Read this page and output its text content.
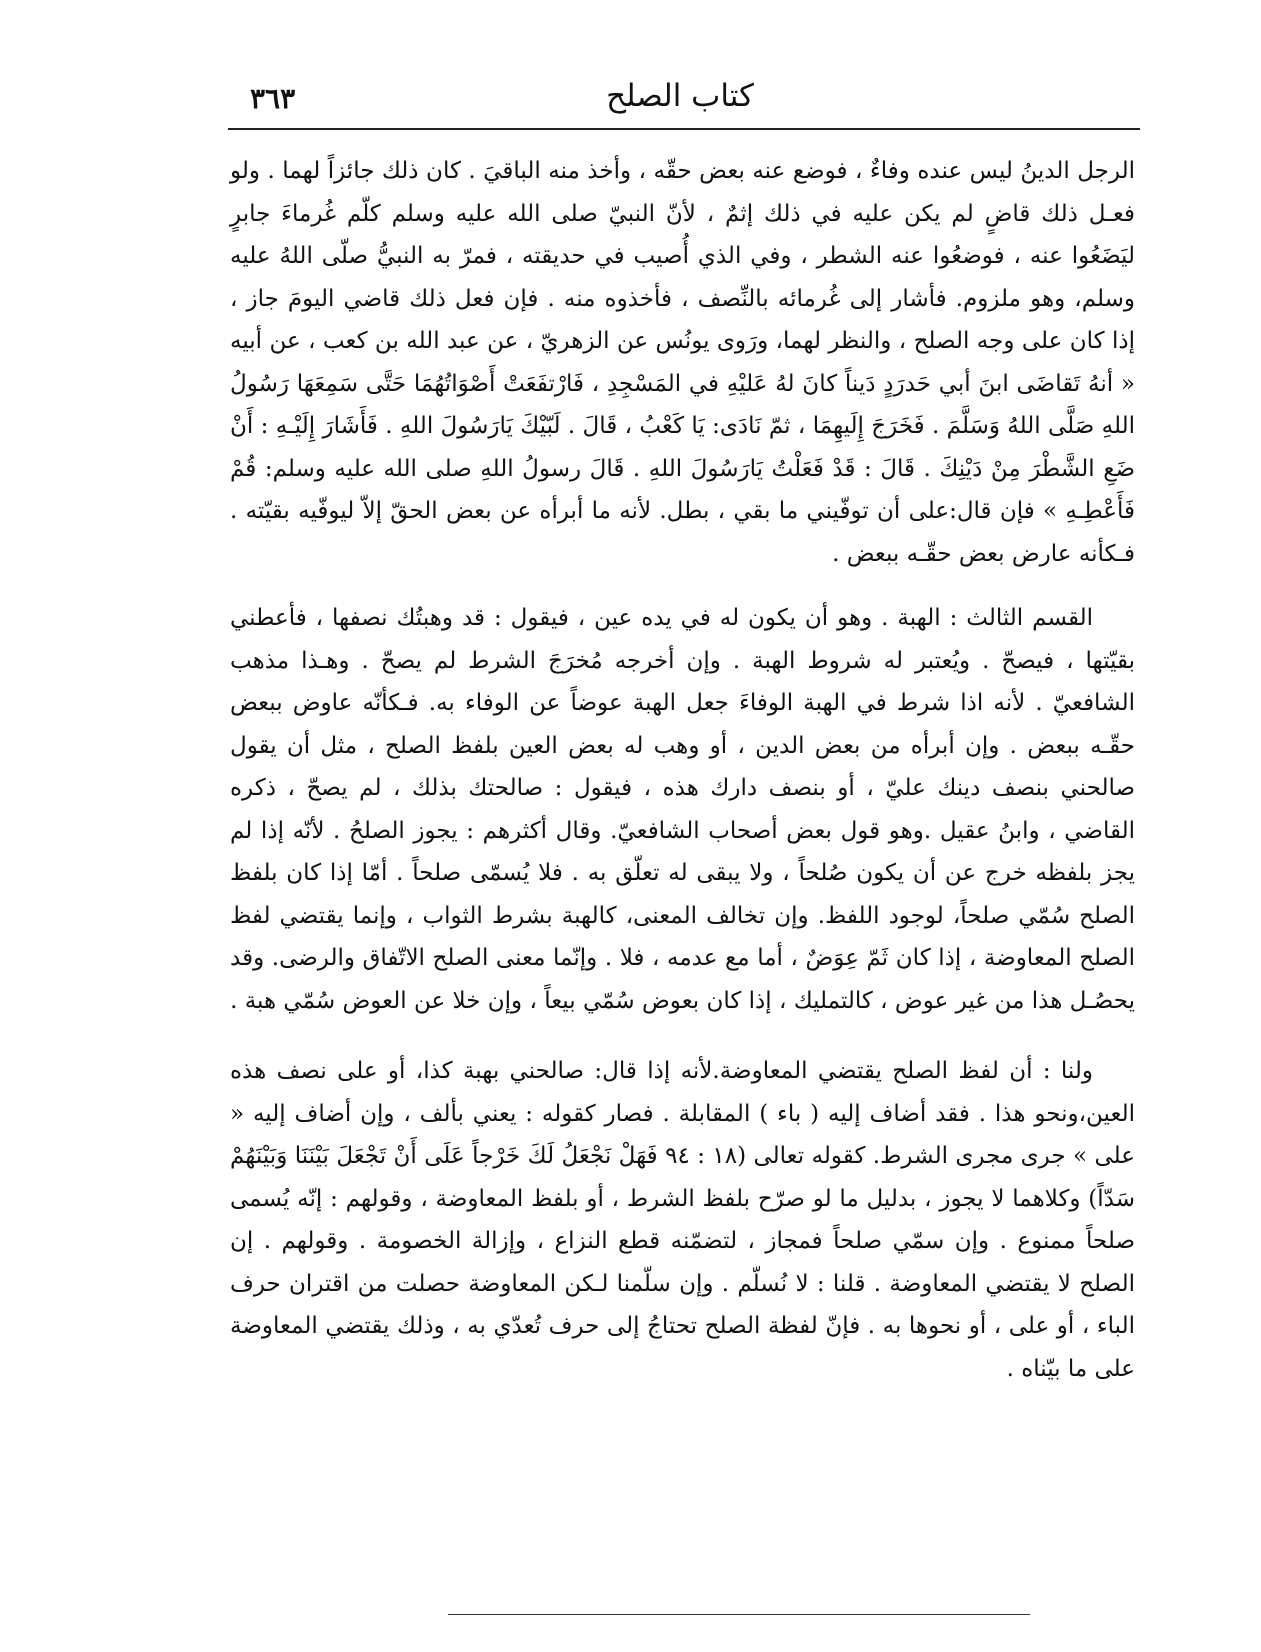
٣٦٣	كتاب الصلح

الرجل الدينُ ليس عنده وفاءٌ ، فوضع عنه بعض حقّه ، وأخذ منه الباقيَ . كان ذلك جائزاً لهما . ولو فعـل ذلك قاضٍ لم يكن عليه في ذلك إثمٌ ، لأنّ النبيّ صلى الله عليه وسلم كلّم غُرماءَ جابرٍ ليَضَعُوا عنه ، فوضعُوا عنه الشطر ، وفي الذي أُصيب في حديقته ، فمرّ به النبيُّ صلّى اللهُ عليه وسلم، وهو ملزوم. فأشار إلى غُرمائه بالنِّصف ، فأخذوه منه . فإن فعل ذلك قاضي اليومَ جاز ، إذا كان على وجه الصلح ، والنظر لهما، ورَوى يونُس عن الزهريّ ، عن عبد الله بن كعب ، عن أبيه « أنهُ تَقاضَى ابنَ أبي حَدرَدٍ دَيناً كانَ لهُ عَليْهِ في المَسْجِدِ ، فَارْتفَعَتْ أَصْوَاتُهُمَا حَتَّى سَمِعَهَا رَسُولُ اللهِ صَلَّى اللهُ وَسَلَّمَ . فَخَرَجَ إِلَيهِمَا ، ثمّ نَادَى: يَا كَعْبُ ، قَالَ . لَبّيْكَ يَارَسُولَ اللهِ . فَأَشَارَ إِلَيْـهِ : أَنْ ضَعِ الشَّطْرَ مِنْ دَيْنِكَ . قَالَ : قَدْ فَعَلْتُ يَارَسُولَ اللهِ . قَالَ رسولُ اللهِ صلى الله عليه وسلم: قُمْ فَأَعْطِـهِ » فإن قال:على أن توفّيني ما بقي ، بطل. لأنه ما أبرأه عن بعض الحقّ إلاّ ليوفّيه بقيّته . فـكأنه عارض بعض حقّـه ببعض .

القسم الثالث : الهبة . وهو أن يكون له في يده عين ، فيقول : قد وهبتُك نصفها ، فأعطني بقيّتها ، فيصحّ . ويُعتبر له شروط الهبة . وإن أخرجه مُخرَجَ الشرط لم يصحّ . وهـذا مذهب الشافعيّ . لأنه اذا شرط في الهبة الوفاءَ جعل الهبة عوضاً عن الوفاء به. فـكأنّه عاوض ببعض حقّـه ببعض . وإن أبرأه من بعض الدين ، أو وهب له بعض العين بلفظ الصلح ، مثل أن يقول صالحني بنصف دينك عليّ ، أو بنصف دارك هذه ، فيقول : صالحتك بذلك ، لم يصحّ ، ذكره القاضي ، وابنُ عقيل .وهو قول بعض أصحاب الشافعيّ. وقال أكثرهم : يجوز الصلحُ . لأنّه إذا لم يجز بلفظه خرج عن أن يكون صُلحاً ، ولا يبقى له تعلّق به . فلا يُسمّى صلحاً . أمّا إذا كان بلفظ الصلح سُمّي صلحاً، لوجود اللفظ. وإن تخالف المعنى، كالهبة بشرط الثواب ، وإنما يقتضي لفظ الصلح المعاوضة ، إذا كان ثَمّ عِوَضٌ ، أما مع عدمه ، فلا . وإنّما معنى الصلح الاتّفاق والرضى. وقد يحصُـل هذا من غير عوض ، كالتمليك ، إذا كان بعوض سُمّي بيعاً ، وإن خلا عن العوض سُمّي هبة .

ولنا : أن لفظ الصلح يقتضي المعاوضة.لأنه إذا قال: صالحني بهبة كذا، أو على نصف هذه العين،ونحو هذا . فقد أضاف إليه ( باء ) المقابلة . فصار كقوله : يعني بألف ، وإن أضاف إليه « على » جرى مجرى الشرط. كقوله تعالى (١٨ : ٩٤ فَهَلْ نَجْعَلُ لَكَ خَرْجاً عَلَى أَنْ تَجْعَلَ بَيْنَنَا وَبَيْنَهُمْ سَدّاً) وكلاهما لا يجوز ، بدليل ما لو صرّح بلفظ الشرط ، أو بلفظ المعاوضة ، وقولهم : إنّه يُسمى صلحاً ممنوع . وإن سمّي صلحاً فمجاز ، لتضمّنه قطع النزاع ، وإزالة الخصومة . وقولهم . إن الصلح لا يقتضي المعاوضة . قلنا : لا نُسلّم . وإن سلّمنا لـكن المعاوضة حصلت من اقتران حرف الباء ، أو على ، أو نحوها به . فإنّ لفظة الصلح تحتاجُ إلى حرف تُعدّي به ، وذلك يقتضي المعاوضة على ما بيّناه .
